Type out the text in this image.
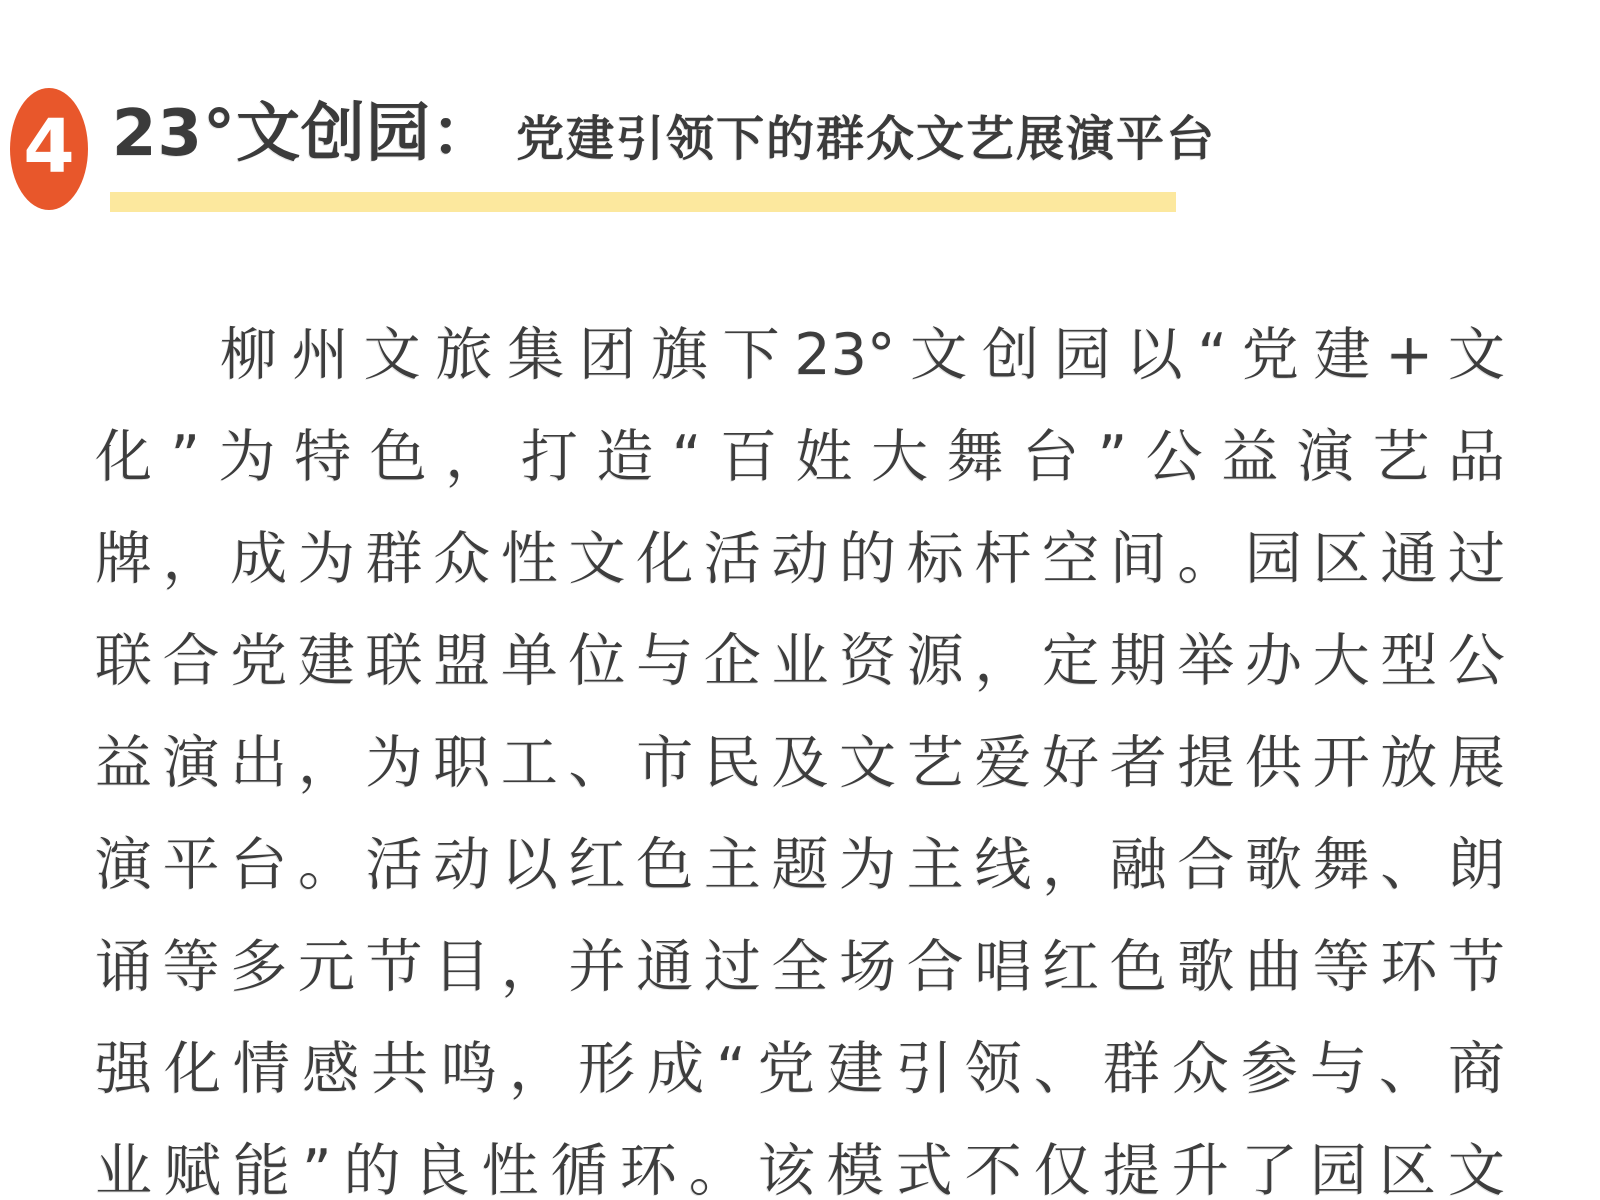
4 23°文创园： 党建引领下的群众文艺展演平台
柳州文旅集团旗下23°文创园以“党建+文
化”为特色，打造“百姓大舞台”公益演艺品
牌，成为群众性文化活动的标杆空间。园区通过
联合党建联盟单位与企业资源，定期举办大型公
益演出，为职工、市民及文艺爱好者提供开放展
演平台。活动以红色主题为主线，融合歌舞、朗
诵等多元节目，并通过全场合唱红色歌曲等环节
强化情感共鸣，形成“党建引领、群众参与、商
业赋能”的良性循环。该模式不仅提升了园区文
